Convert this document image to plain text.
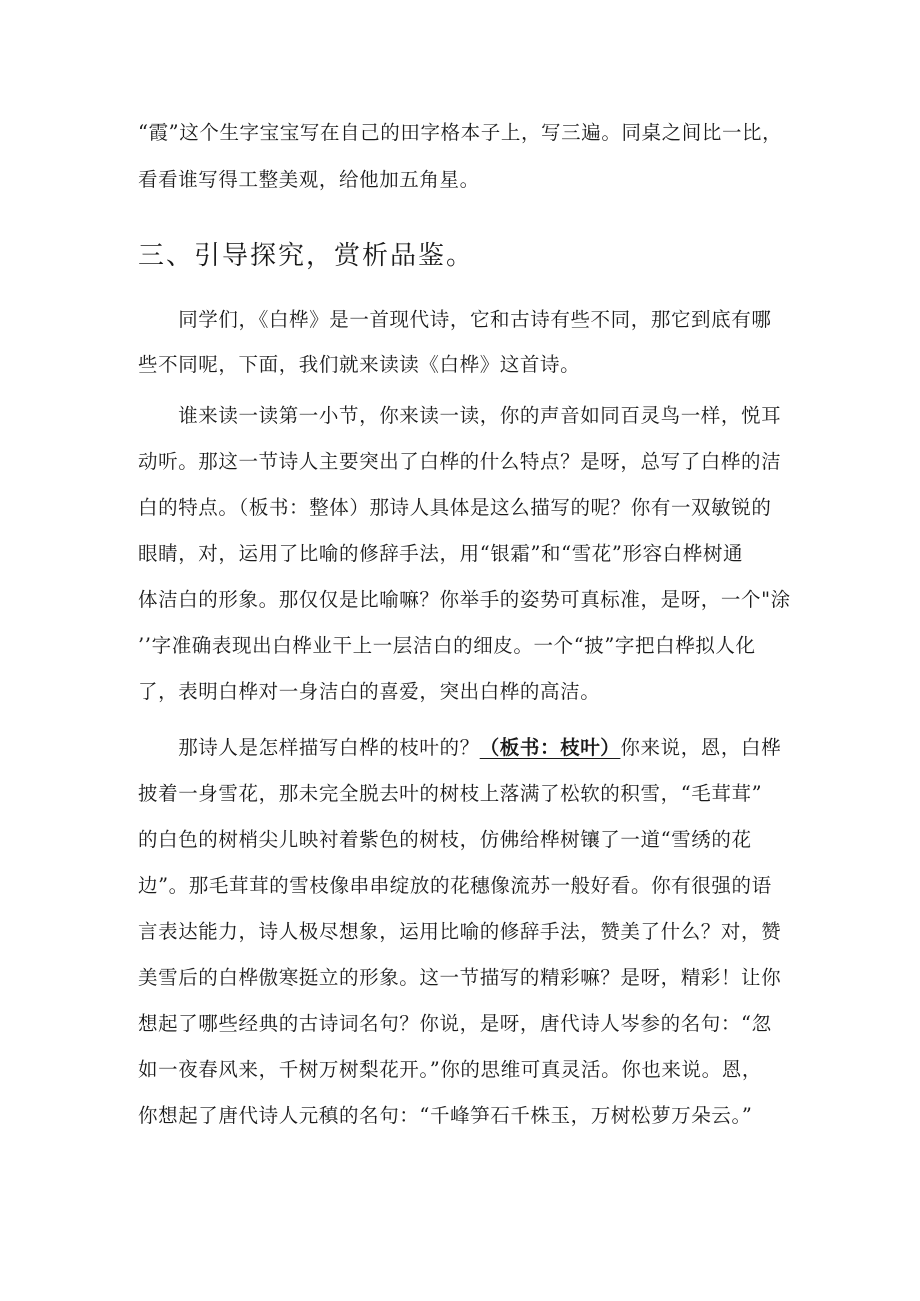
“霞”这个生字宝宝写在自己的田字格本子上，写三遍。同桌之间比一比，
看看谁写得工整美观，给他加五角星。
三、引导探究，赏析品鉴。
　　同学们，《白桦》是一首现代诗，它和古诗有些不同，那它到底有哪
些不同呢，下面，我们就来读读《白桦》这首诗。
　　谁来读一读第一小节，你来读一读，你的声音如同百灵鸟一样，悦耳
动听。那这一节诗人主要突出了白桦的什么特点？是呀，总写了白桦的洁
白的特点。（板书：整体）那诗人具体是这么描写的呢？你有一双敏锐的
眼睛，对，运用了比喻的修辞手法，用“银霜”和“雪花”形容白桦树通
体洁白的形象。那仅仅是比喻嘛？你举手的姿势可真标准，是呀，一个"涂
’’字准确表现出白桦业干上一层洁白的细皮。一个“披”字把白桦拟人化
了，表明白桦对一身洁白的喜爱，突出白桦的高洁。
　　那诗人是怎样描写白桦的枝叶的？（板书：枝叶）你来说，恩，白桦
披着一身雪花，那未完全脱去叶的树枝上落满了松软的积雪，“毛茸茸”
的白色的树梢尖儿映衬着紫色的树枝，仿佛给桦树镶了一道“雪绣的花
边”。那毛茸茸的雪枝像串串绽放的花穗像流苏一般好看。你有很强的语
言表达能力，诗人极尽想象，运用比喻的修辞手法，赞美了什么？对，赞
美雪后的白桦傲寒挺立的形象。这一节描写的精彩嘛？是呀，精彩！让你
想起了哪些经典的古诗词名句？你说，是呀，唐代诗人岑参的名句：“忽
如一夜春风来，千树万树梨花开。”你的思维可真灵活。你也来说。恩，
你想起了唐代诗人元稹的名句：“千峰笋石千株玉，万树松萝万朵云。”
